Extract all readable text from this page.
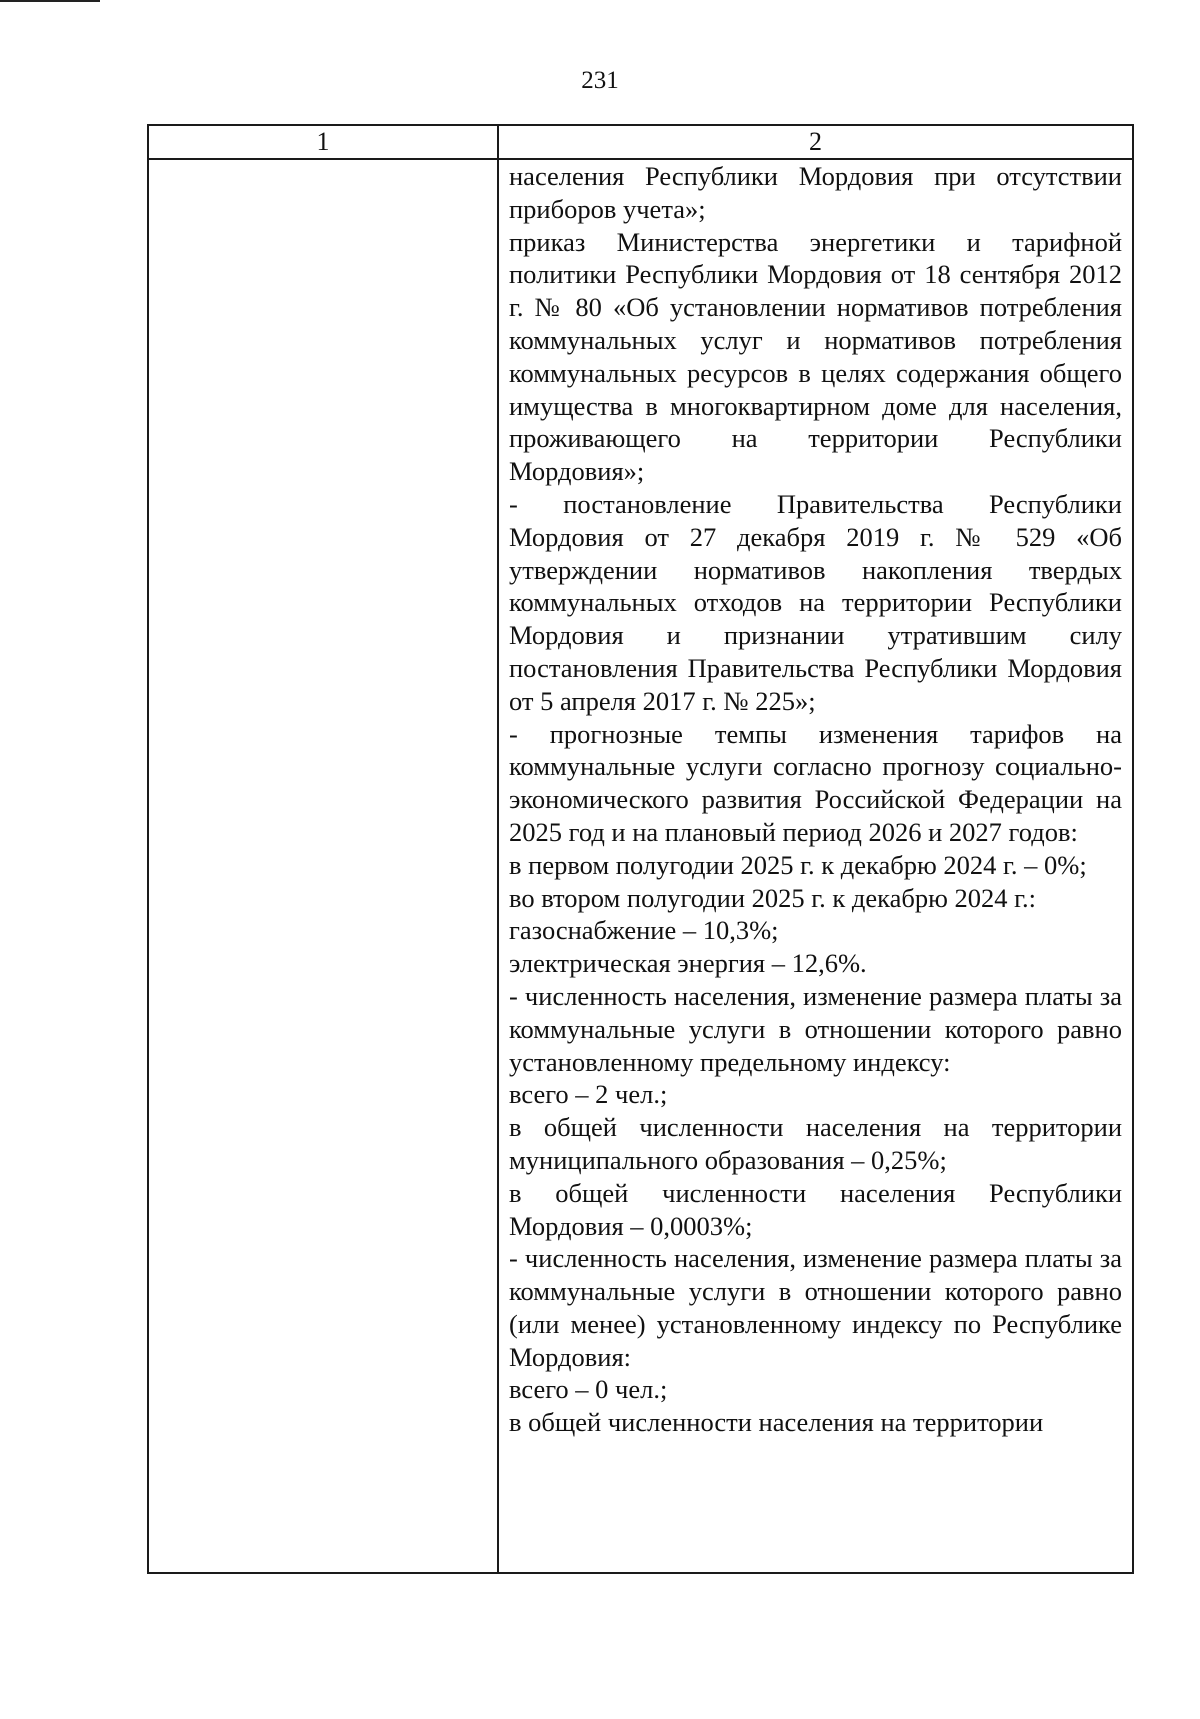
231
1	2

населения Республики Мордовия при отсутствии приборов учета»;

приказ Министерства энергетики и тарифной политики Республики Мордовия от 18 сентября 2012 г. № 80 «Об установлении нормативов потребления коммунальных услуг и нормативов потребления коммунальных ресурсов в целях содержания общего имущества в многоквартирном доме для населения, проживающего на территории Республики Мордовия»;

- постановление Правительства Республики Мордовия от 27 декабря 2019 г. № 529 «Об утверждении нормативов накопления твердых коммунальных отходов на территории Республики Мордовия и признании утратившим силу постановления Правительства Республики Мордовия от 5 апреля 2017 г. № 225»;

- прогнозные темпы изменения тарифов на коммунальные услуги согласно прогнозу социально-экономического развития Российской Федерации на 2025 год и на плановый период 2026 и 2027 годов:

в первом полугодии 2025 г. к декабрю 2024 г. – 0%;

во втором полугодии 2025 г. к декабрю 2024 г.:

газоснабжение – 10,3%;

электрическая энергия – 12,6%.

- численность населения, изменение размера платы за коммунальные услуги в отношении которого равно установленному предельному индексу:

всего – 2 чел.;

в общей численности населения на территории муниципального образования – 0,25%;

в общей численности населения Республики Мордовия – 0,0003%;

- численность населения, изменение размера платы за коммунальные услуги в отношении которого равно (или менее) установленному индексу по Республике Мордовия:

всего – 0 чел.;

в общей численности населения на территории
